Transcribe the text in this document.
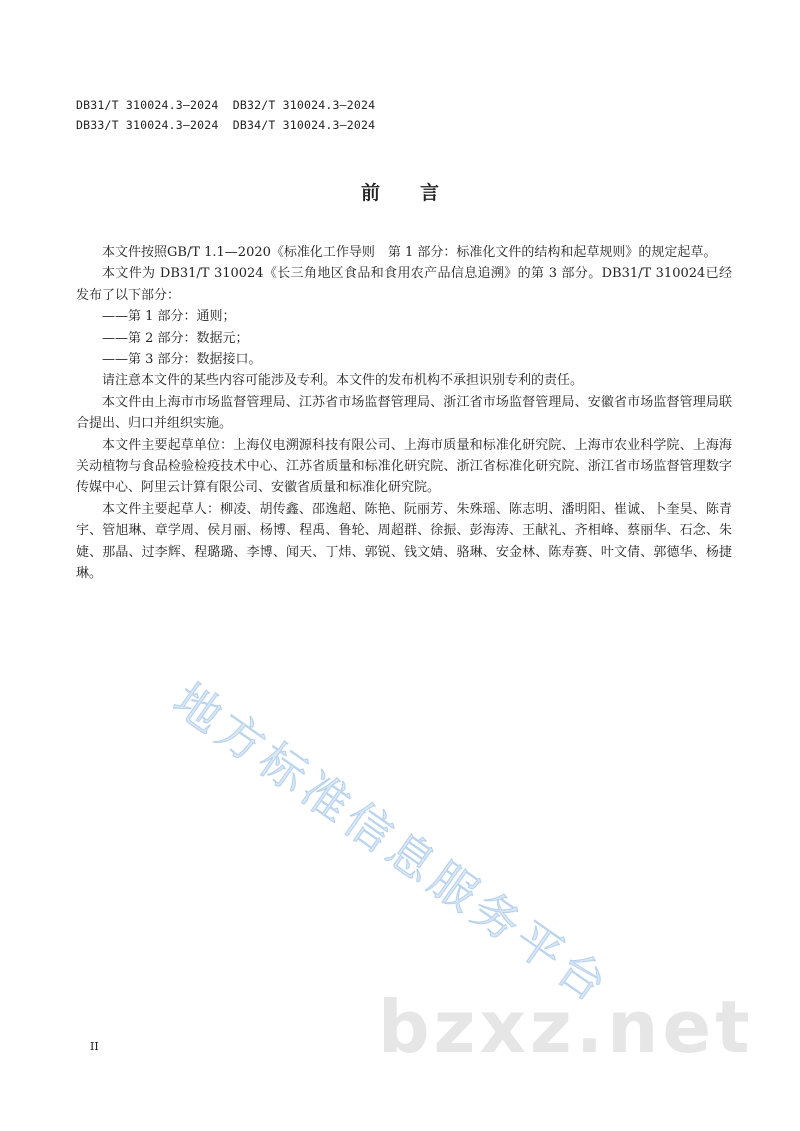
DB31/T 310024.3—2024  DB32/T 310024.3—2024
DB33/T 310024.3—2024  DB34/T 310024.3—2024
前言

本文件按照GB/T 1.1—2020《标准化工作导则　第 1 部分：标准化文件的结构和起草规则》的规定起草。

本文件为 DB31/T 310024《长三角地区食品和食用农产品信息追溯》的第 3 部分。DB31/T 310024已经发布了以下部分：

——第 1 部分：通则；
——第 2 部分：数据元；
——第 3 部分：数据接口。

请注意本文件的某些内容可能涉及专利。本文件的发布机构不承担识别专利的责任。

本文件由上海市市场监督管理局、江苏省市场监督管理局、浙江省市场监督管理局、安徽省市场监督管理局联合提出、归口并组织实施。

本文件主要起草单位：上海仪电溯源科技有限公司、上海市质量和标准化研究院、上海市农业科学院、上海海关动植物与食品检验检疫技术中心、江苏省质量和标准化研究院、浙江省标准化研究院、浙江省市场监督管理数字传媒中心、阿里云计算有限公司、安徽省质量和标准化研究院。

本文件主要起草人：柳凌、胡传鑫、邵逸超、陈艳、阮丽芳、朱殊瑶、陈志明、潘明阳、崔诚、卜奎昊、陈青宇、管旭琳、章学周、侯月丽、杨博、程禹、鲁轮、周超群、徐振、彭海涛、王献礼、齐相峰、蔡丽华、石念、朱婕、那晶、过李辉、程璐璐、李博、闻天、丁炜、郭锐、钱文婧、骆琳、安金林、陈寿赛、叶文倩、郭德华、杨捷琳。

地方标准信息服务平台
bzxz.net
II
